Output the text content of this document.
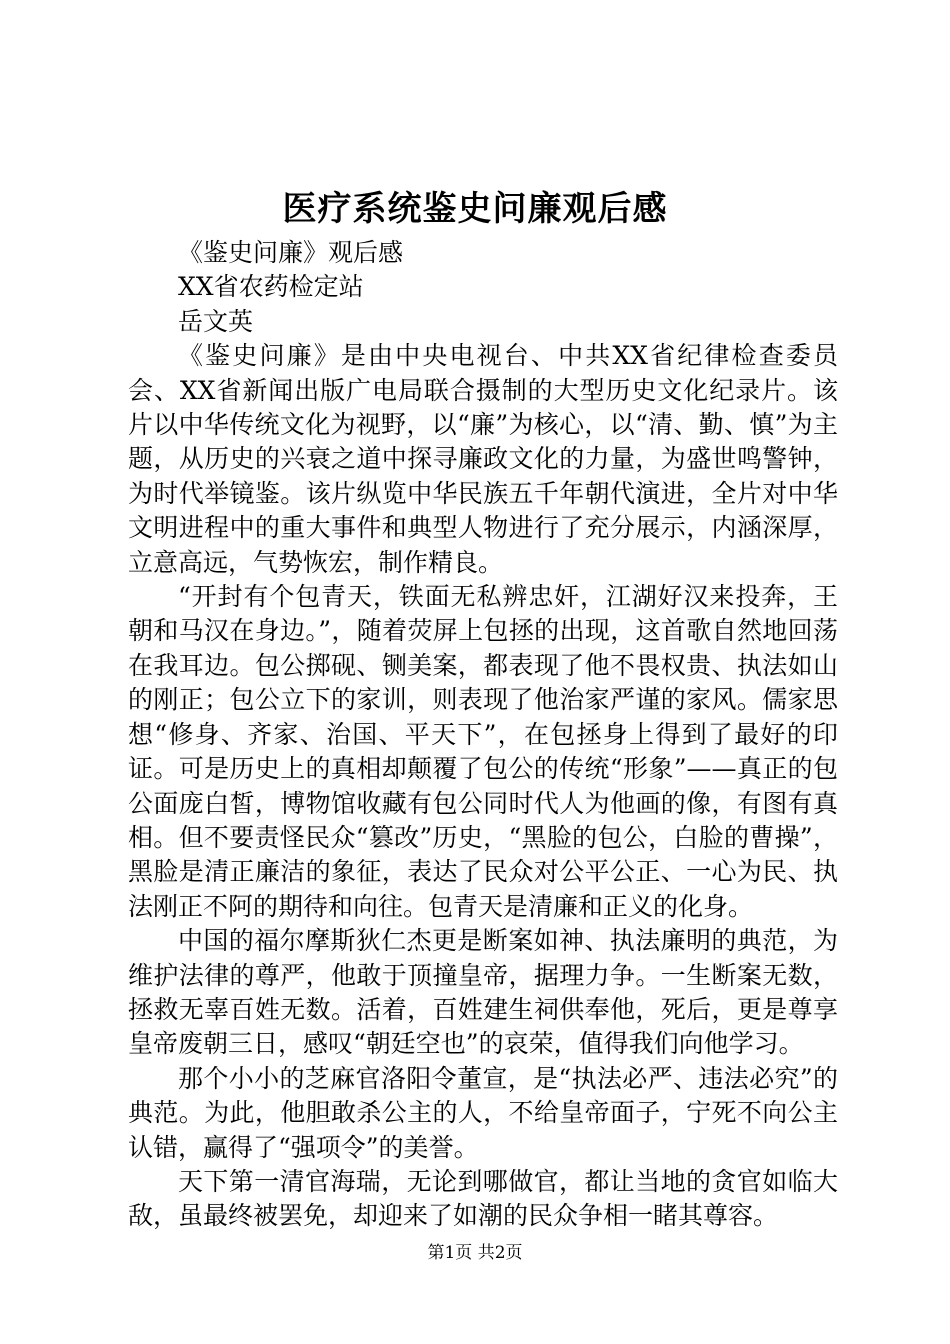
医疗系统鉴史问廉观后感

《鉴史问廉》观后感

XX省农药检定站

岳文英

《鉴史问廉》是由中央电视台、中共XX省纪律检查委员会、XX省新闻出版广电局联合摄制的大型历史文化纪录片。该片以中华传统文化为视野，以“廉”为核心，以“清、勤、慎”为主题，从历史的兴衰之道中探寻廉政文化的力量，为盛世鸣警钟，为时代举镜鉴。该片纵览中华民族五千年朝代演进，全片对中华文明进程中的重大事件和典型人物进行了充分展示，内涵深厚，立意高远，气势恢宏，制作精良。

“开封有个包青天，铁面无私辨忠奸，江湖好汉来投奔，王朝和马汉在身边。”，随着荧屏上包拯的出现，这首歌自然地回荡在我耳边。包公掷砚、铡美案，都表现了他不畏权贵、执法如山的刚正；包公立下的家训，则表现了他治家严谨的家风。儒家思想“修身、齐家、治国、平天下”，在包拯身上得到了最好的印证。可是历史上的真相却颠覆了包公的传统“形象”——真正的包公面庞白皙，博物馆收藏有包公同时代人为他画的像，有图有真相。但不要责怪民众“篡改”历史，“黑脸的包公，白脸的曹操”，黑脸是清正廉洁的象征，表达了民众对公平公正、一心为民、执法刚正不阿的期待和向往。包青天是清廉和正义的化身。

中国的福尔摩斯狄仁杰更是断案如神、执法廉明的典范，为维护法律的尊严，他敢于顶撞皇帝，据理力争。一生断案无数，拯救无辜百姓无数。活着，百姓建生祠供奉他，死后，更是尊享皇帝废朝三日，感叹“朝廷空也”的哀荣，值得我们向他学习。

那个小小的芝麻官洛阳令董宣，是“执法必严、违法必究”的典范。为此，他胆敢杀公主的人，不给皇帝面子，宁死不向公主认错，赢得了“强项令”的美誉。

天下第一清官海瑞，无论到哪做官，都让当地的贪官如临大敌，虽最终被罢免，却迎来了如潮的民众争相一睹其尊容。

第1页 共2页
